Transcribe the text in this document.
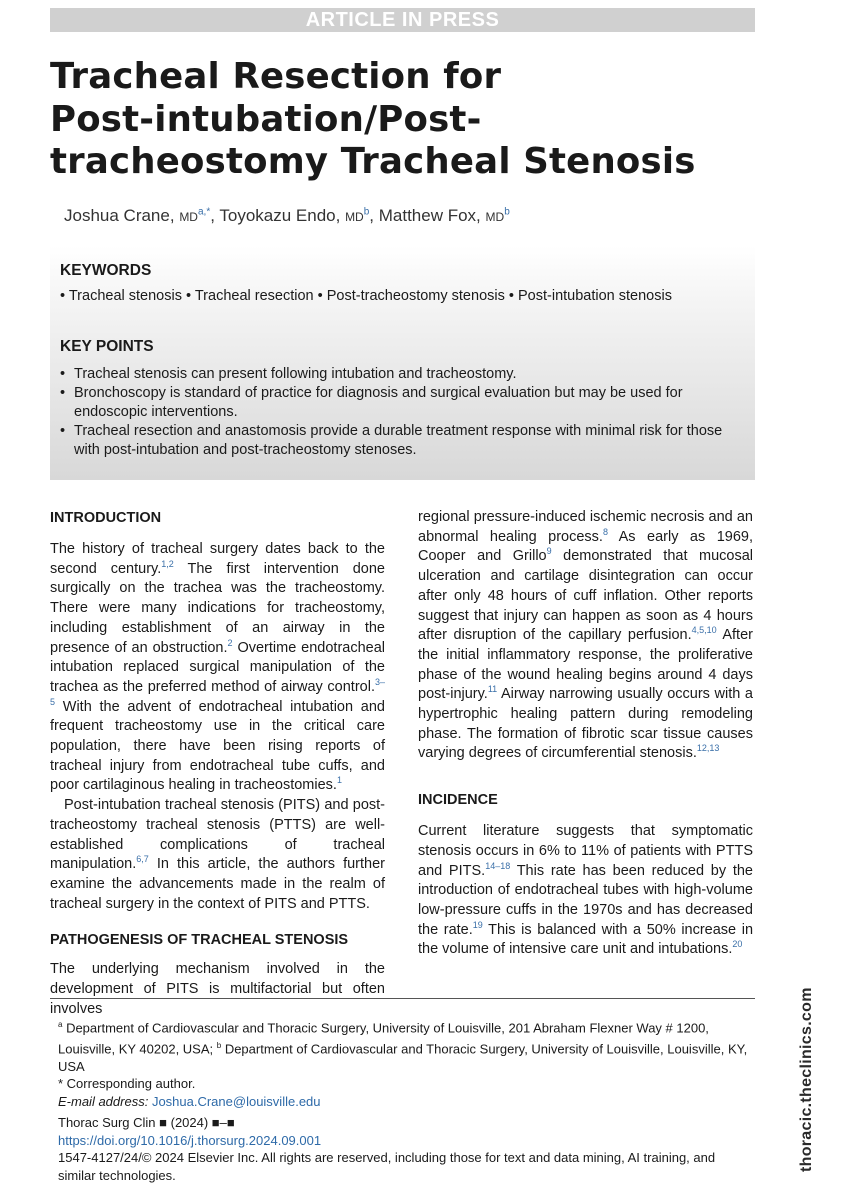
ARTICLE IN PRESS
Tracheal Resection for
Post-intubation/Post-
tracheostomy Tracheal Stenosis
Joshua Crane, $MD^{a,*}$, Toyokazu Endo, $MD^b$, Matthew Fox, $MD^b$
KEYWORDS
• Tracheal stenosis • Tracheal resection • Post-tracheostomy stenosis • Post-intubation stenosis
KEY POINTS
• Tracheal stenosis can present following intubation and tracheostomy.
• Bronchoscopy is standard of practice for diagnosis and surgical evaluation but may be used for endoscopic interventions.
• Tracheal resection and anastomosis provide a durable treatment response with minimal risk for those with post-intubation and post-tracheostomy stenoses.
INTRODUCTION

The history of tracheal surgery dates back to the second century.$^{1,2}$ The first intervention done surgically on the trachea was the tracheostomy. There were many indications for tracheostomy, including establishment of an airway in the presence of an obstruction.$^2$ Overtime endotracheal intubation replaced surgical manipulation of the trachea as the preferred method of airway control.$^{3-5}$ With the advent of endotracheal intubation and frequent tracheostomy use in the critical care population, there have been rising reports of tracheal injury from endotracheal tube cuffs, and poor cartilaginous healing in tracheostomies.$^1$

Post-intubation tracheal stenosis (PITS) and post-tracheostomy tracheal stenosis (PTTS) are well-established complications of tracheal manipulation.$^{6,7}$ In this article, the authors further examine the advancements made in the realm of tracheal surgery in the context of PITS and PTTS.

PATHOGENESIS OF TRACHEAL STENOSIS

The underlying mechanism involved in the development of PITS is multifactorial but often involves

regional pressure-induced ischemic necrosis and an abnormal healing process.$^8$ As early as 1969, Cooper and Grillo$^9$ demonstrated that mucosal ulceration and cartilage disintegration can occur after only 48 hours of cuff inflation. Other reports suggest that injury can happen as soon as 4 hours after disruption of the capillary perfusion.$^{4,5,10}$ After the initial inflammatory response, the proliferative phase of the wound healing begins around 4 days post-injury.$^{11}$ Airway narrowing usually occurs with a hypertrophic healing pattern during remodeling phase. The formation of fibrotic scar tissue causes varying degrees of circumferential stenosis.$^{12,13}$

INCIDENCE

Current literature suggests that symptomatic stenosis occurs in 6% to 11% of patients with PTTS and PITS.$^{14-18}$ This rate has been reduced by the introduction of endotracheal tubes with high-volume low-pressure cuffs in the 1970s and has decreased the rate.$^{19}$ This is balanced with a 50% increase in the volume of intensive care unit and intubations.$^{20}$

$^a$ Department of Cardiovascular and Thoracic Surgery, University of Louisville, 201 Abraham Flexner Way # 1200, Louisville, KY 40202, USA; $^b$ Department of Cardiovascular and Thoracic Surgery, University of Louisville, Louisville, KY, USA

* Corresponding author.

E-mail address: Joshua.Crane@louisville.edu

Thorac Surg Clin ■ (2024) ■–■

https://doi.org/10.1016/j.thorsurg.2024.09.001

1547-4127/24/© 2024 Elsevier Inc. All rights are reserved, including those for text and data mining, AI training, and similar technologies.

thoracic.theclinics.com
